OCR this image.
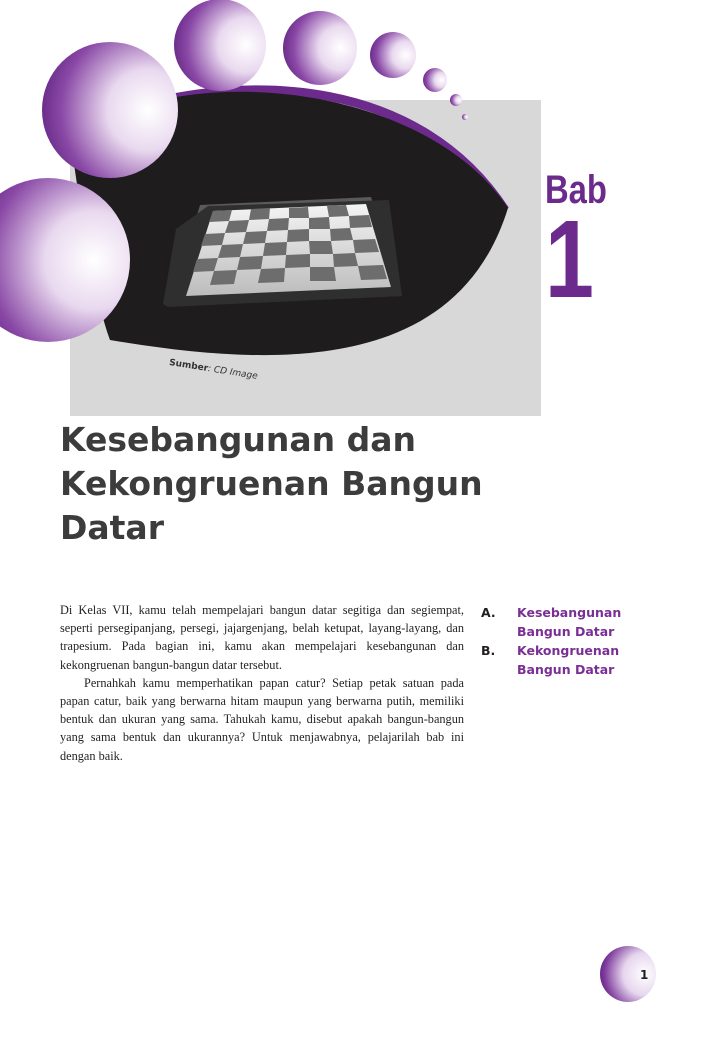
Sumber: CD Image
Bab
1
Kesebangunan dan Kekongruenan Bangun Datar

Di Kelas VII, kamu telah mempelajari bangun datar segitiga dan segiempat, seperti persegipanjang, persegi, jajargenjang, belah ketupat, layang-layang, dan trapesium. Pada bagian ini, kamu akan mempelajari kesebangunan dan kekongruenan bangun-bangun datar tersebut.

Pernahkah kamu memperhatikan papan catur? Setiap petak satuan pada papan catur, baik yang berwarna hitam maupun yang berwarna putih, memiliki bentuk dan ukuran yang sama. Tahukah kamu, disebut apakah bangun-bangun yang sama bentuk dan ukurannya? Untuk menjawabnya, pelajarilah bab ini dengan baik.

A.	Kesebangunan Bangun Datar
B.	Kekongruenan Bangun Datar
1
